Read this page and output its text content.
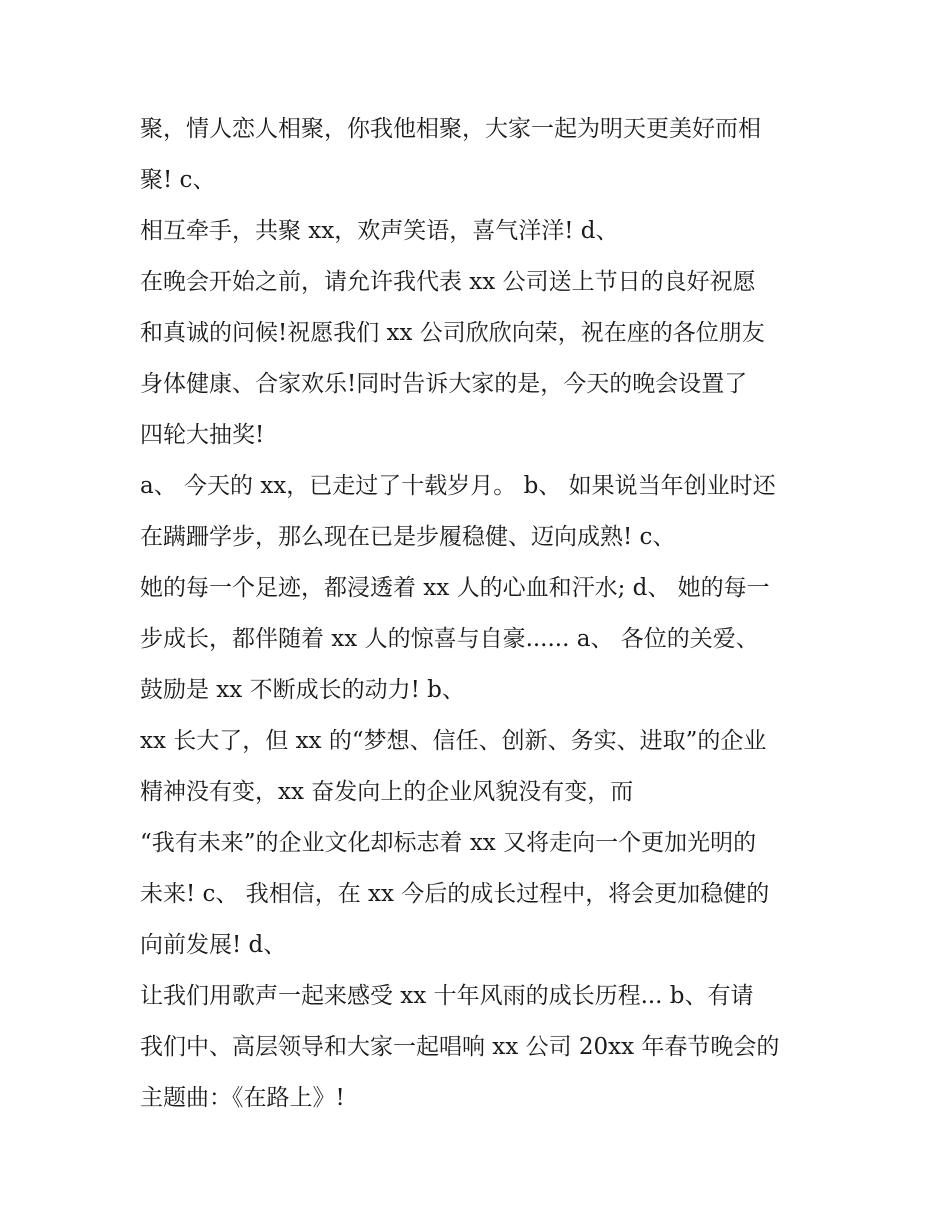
聚，情人恋人相聚，你我他相聚，大家一起为明天更美好而相
聚! c、
相互牵手，共聚 xx，欢声笑语，喜气洋洋! d、
在晚会开始之前，请允许我代表 xx 公司送上节日的良好祝愿
和真诚的问候!祝愿我们 xx 公司欣欣向荣，祝在座的各位朋友
身体健康、合家欢乐!同时告诉大家的是，今天的晚会设置了
四轮大抽奖!
a、 今天的 xx，已走过了十载岁月。 b、 如果说当年创业时还
在蹒跚学步，那么现在已是步履稳健、迈向成熟! c、
她的每一个足迹，都浸透着 xx 人的心血和汗水; d、 她的每一
步成长，都伴随着 xx 人的惊喜与自豪...... a、 各位的关爱、
鼓励是 xx 不断成长的动力! b、
xx 长大了，但 xx 的“梦想、信任、创新、务实、进取”的企业
精神没有变，xx 奋发向上的企业风貌没有变，而
“我有未来”的企业文化却标志着 xx 又将走向一个更加光明的
未来! c、 我相信，在 xx 今后的成长过程中，将会更加稳健的
向前发展! d、
让我们用歌声一起来感受 xx 十年风雨的成长历程... b、有请
我们中、高层领导和大家一起唱响 xx 公司 20xx 年春节晚会的
主题曲：《在路上》!
